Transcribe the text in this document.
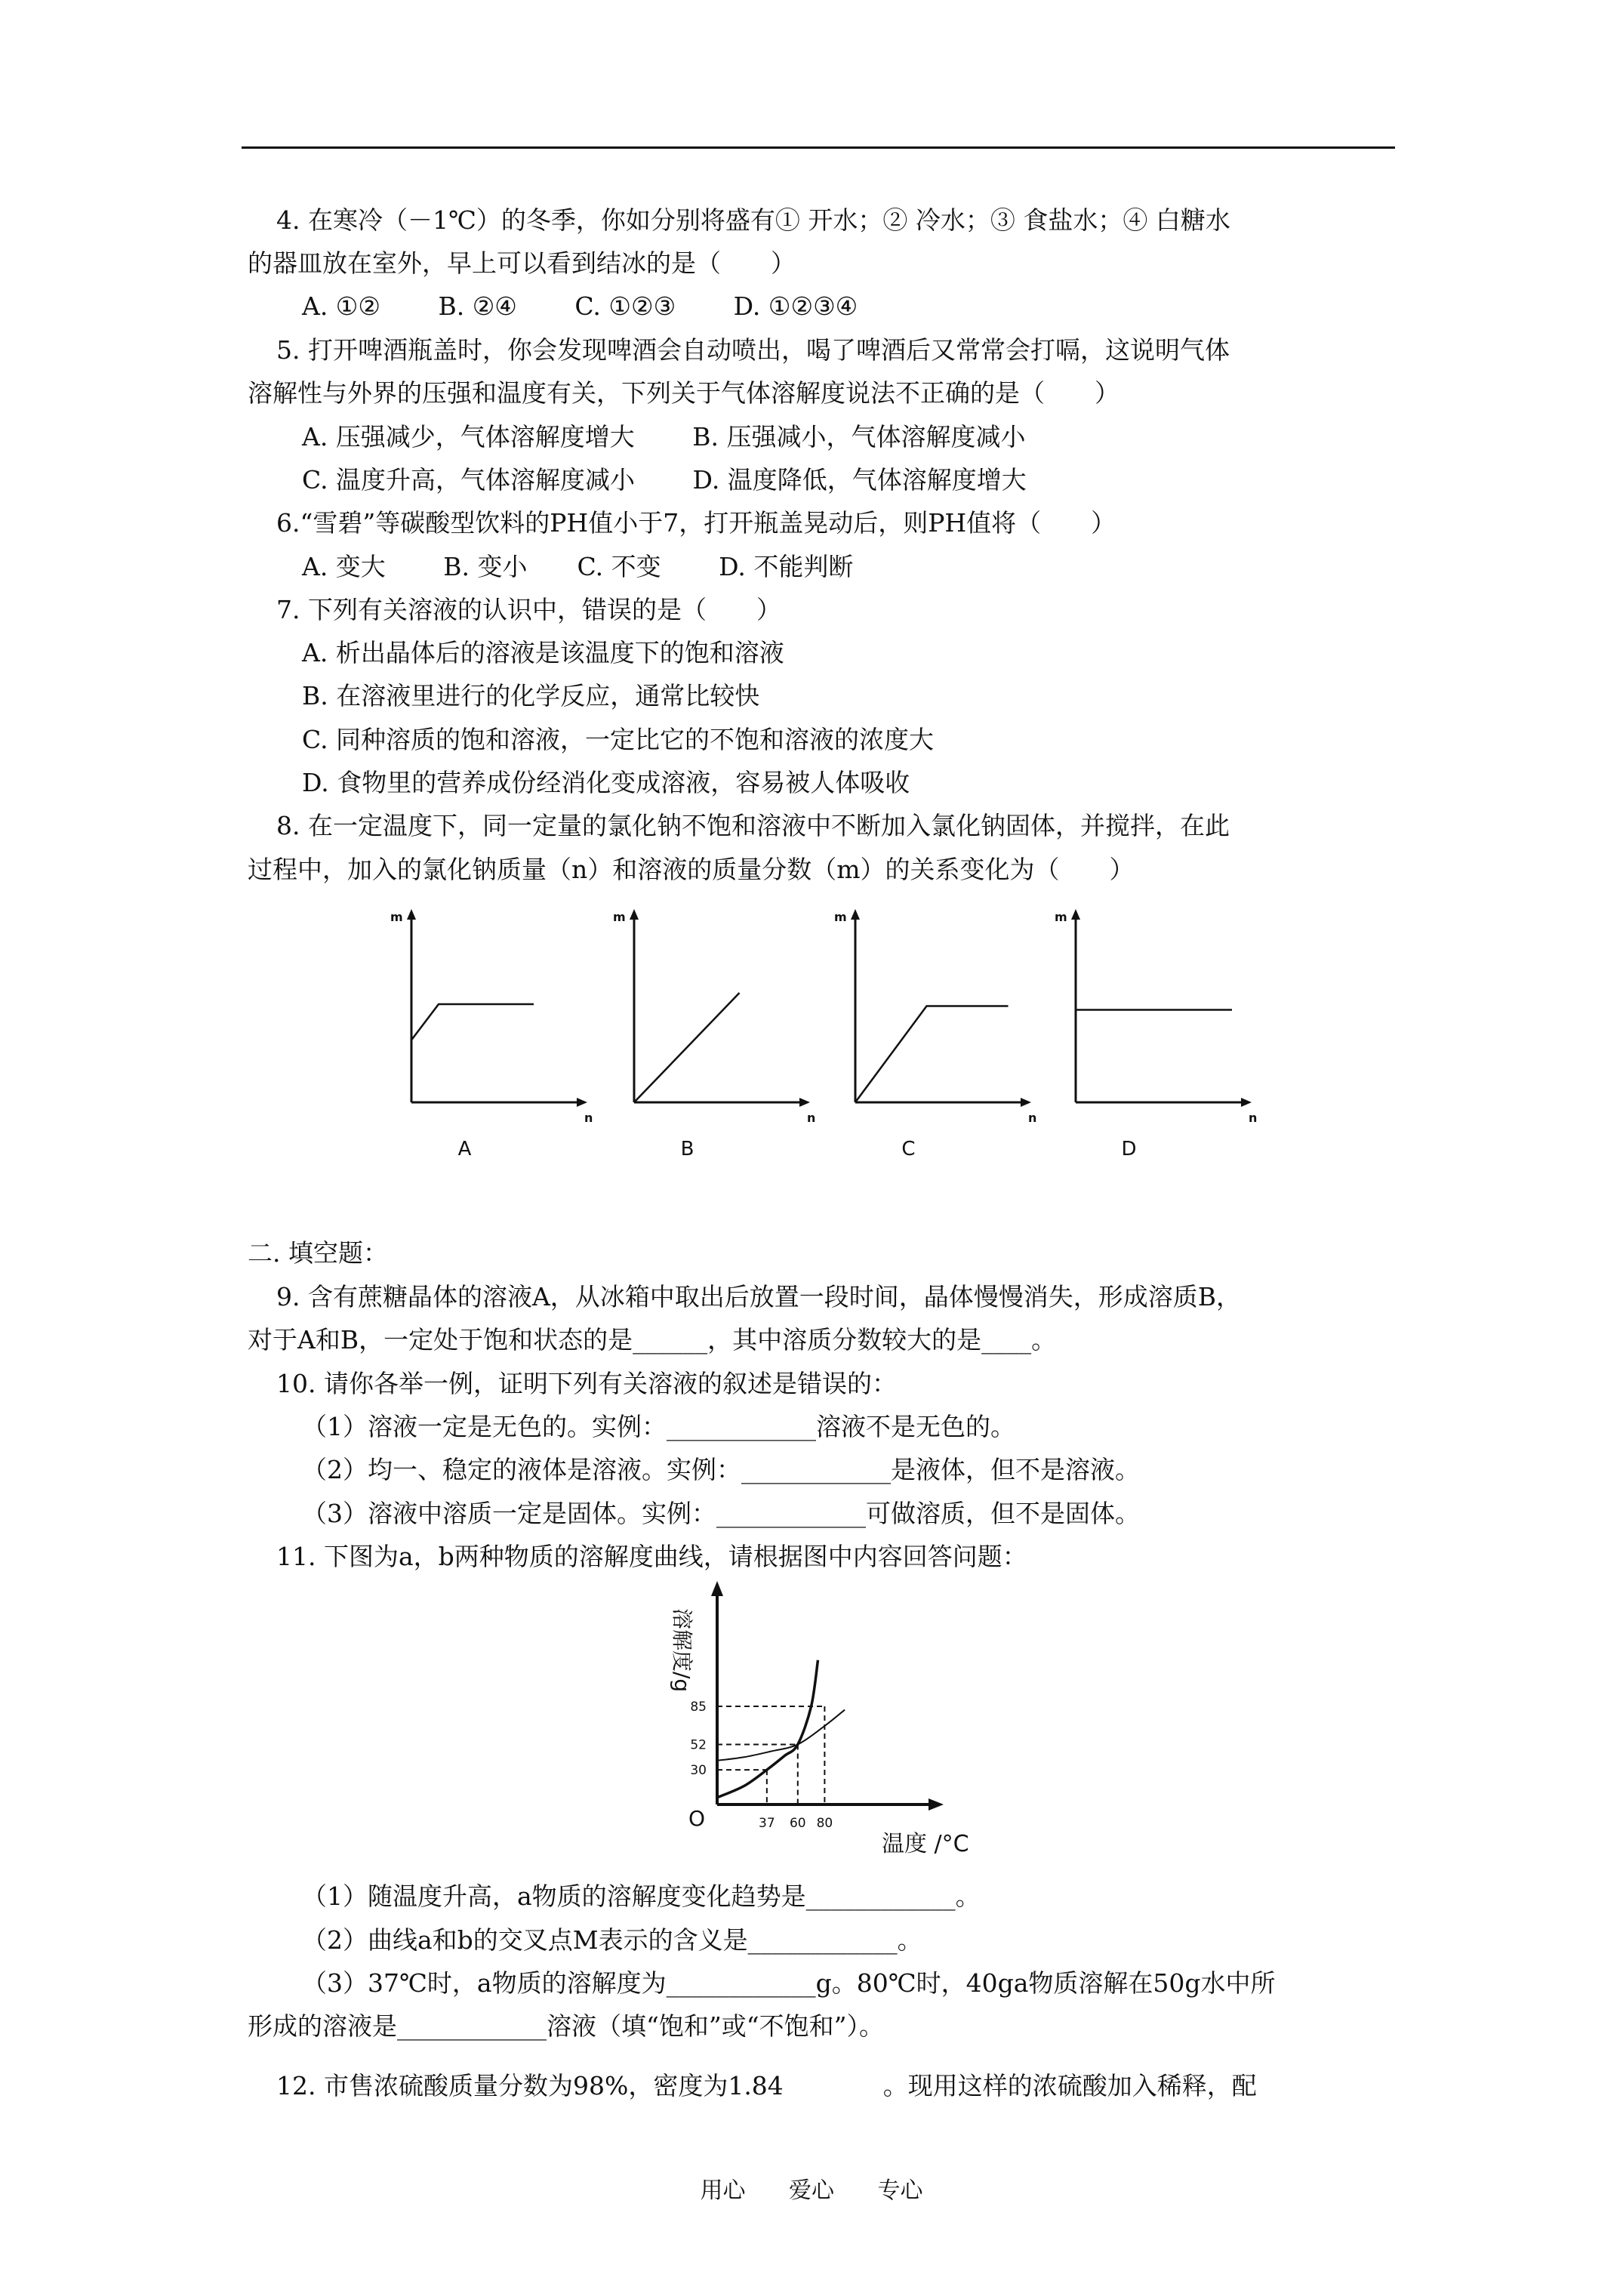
4. 在寒冷（－1℃）的冬季，你如分别将盛有① 开水；② 冷水；③ 食盐水；④ 白糖水
的器皿放在室外，早上可以看到结冰的是（　　）
A. ①②　　 B. ②④　　 C. ①②③　　 D. ①②③④
5. 打开啤酒瓶盖时，你会发现啤酒会自动喷出，喝了啤酒后又常常会打嗝，这说明气体
溶解性与外界的压强和温度有关，下列关于气体溶解度说法不正确的是（　　）
A. 压强减少，气体溶解度增大　　 B. 压强减小，气体溶解度减小
C. 温度升高，气体溶解度减小　　 D. 温度降低，气体溶解度增大
6.“雪碧”等碳酸型饮料的PH值小于7，打开瓶盖晃动后，则PH值将（　　）
A. 变大　　 B. 变小　　C. 不变　　 D. 不能判断
7. 下列有关溶液的认识中，错误的是（　　）
A. 析出晶体后的溶液是该温度下的饱和溶液
B. 在溶液里进行的化学反应，通常比较快
C. 同种溶质的饱和溶液，一定比它的不饱和溶液的浓度大
D. 食物里的营养成份经消化变成溶液，容易被人体吸收
8. 在一定温度下，同一定量的氯化钠不饱和溶液中不断加入氯化钠固体，并搅拌，在此
过程中，加入的氯化钠质量（n）和溶液的质量分数（m）的关系变化为（　　）
m
n
A
m
n
B
m
n
C
m
n
D
二. 填空题：
9. 含有蔗糖晶体的溶液A，从冰箱中取出后放置一段时间，晶体慢慢消失，形成溶质B，
对于A和B，一定处于饱和状态的是______，其中溶质分数较大的是____。
10. 请你各举一例，证明下列有关溶液的叙述是错误的：
（1）溶液一定是无色的。实例：____________溶液不是无色的。
（2）均一、稳定的液体是溶液。实例：____________是液体，但不是溶液。
（3）溶液中溶质一定是固体。实例：____________可做溶质，但不是固体。
11. 下图为a，b两种物质的溶解度曲线，请根据图中内容回答问题：
30
52
85
37 60 80
O
溶解度/g
温度 /°C
（1）随温度升高，a物质的溶解度变化趋势是____________。
（2）曲线a和b的交叉点M表示的含义是____________。
（3）37℃时，a物质的溶解度为____________g。80℃时，40ga物质溶解在50g水中所
形成的溶液是____________溶液（填“饱和”或“不饱和”）。
12. 市售浓硫酸质量分数为98%，密度为1.84　　　　。现用这样的浓硫酸加入稀释，配
用心 爱心 专心
